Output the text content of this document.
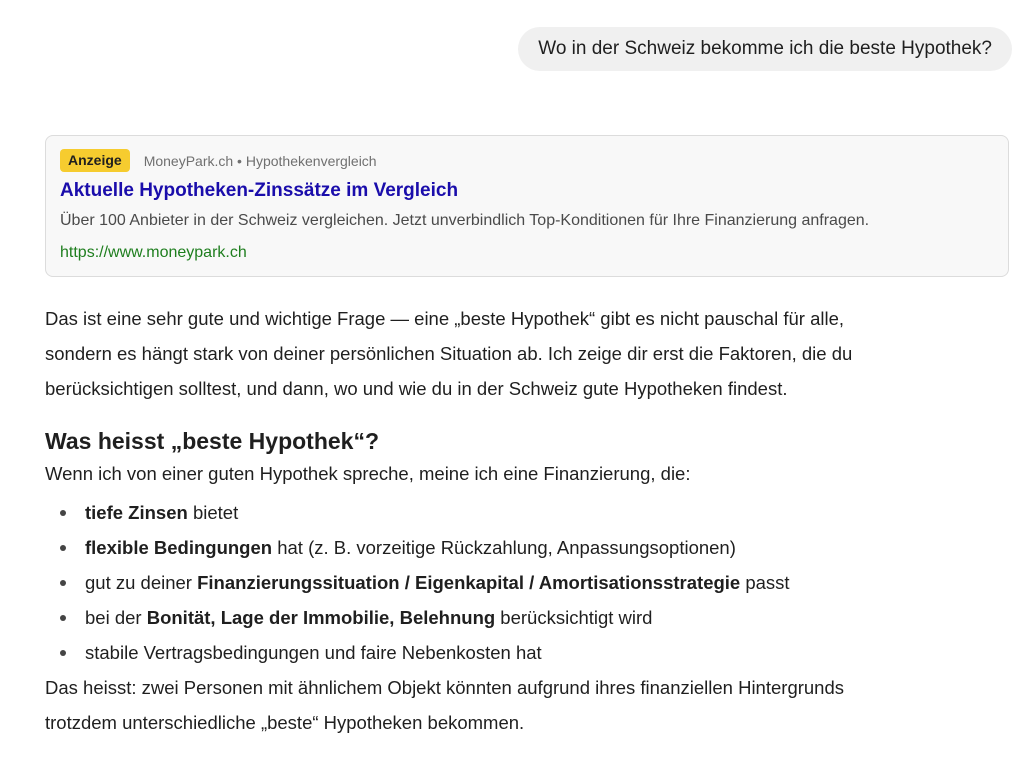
Wo in der Schweiz bekomme ich die beste Hypothek?
Anzeige	MoneyPark.ch • Hypothekenvergleich
Aktuelle Hypotheken-Zinssätze im Vergleich
Über 100 Anbieter in der Schweiz vergleichen. Jetzt unverbindlich Top-Konditionen für Ihre Finanzierung anfragen.
https://www.moneypark.ch

Das ist eine sehr gute und wichtige Frage — eine „beste Hypothek“ gibt es nicht pauschal für alle,
sondern es hängt stark von deiner persönlichen Situation ab. Ich zeige dir erst die Faktoren, die du
berücksichtigen solltest, und dann, wo und wie du in der Schweiz gute Hypotheken findest.

Was heisst „beste Hypothek“?

Wenn ich von einer guten Hypothek spreche, meine ich eine Finanzierung, die:

tiefe Zinsen bietet
flexible Bedingungen hat (z. B. vorzeitige Rückzahlung, Anpassungsoptionen)
gut zu deiner Finanzierungssituation / Eigenkapital / Amortisationsstrategie passt
bei der Bonität, Lage der Immobilie, Belehnung berücksichtigt wird
stabile Vertragsbedingungen und faire Nebenkosten hat

Das heisst: zwei Personen mit ähnlichem Objekt könnten aufgrund ihres finanziellen Hintergrunds
trotzdem unterschiedliche „beste“ Hypotheken bekommen.
